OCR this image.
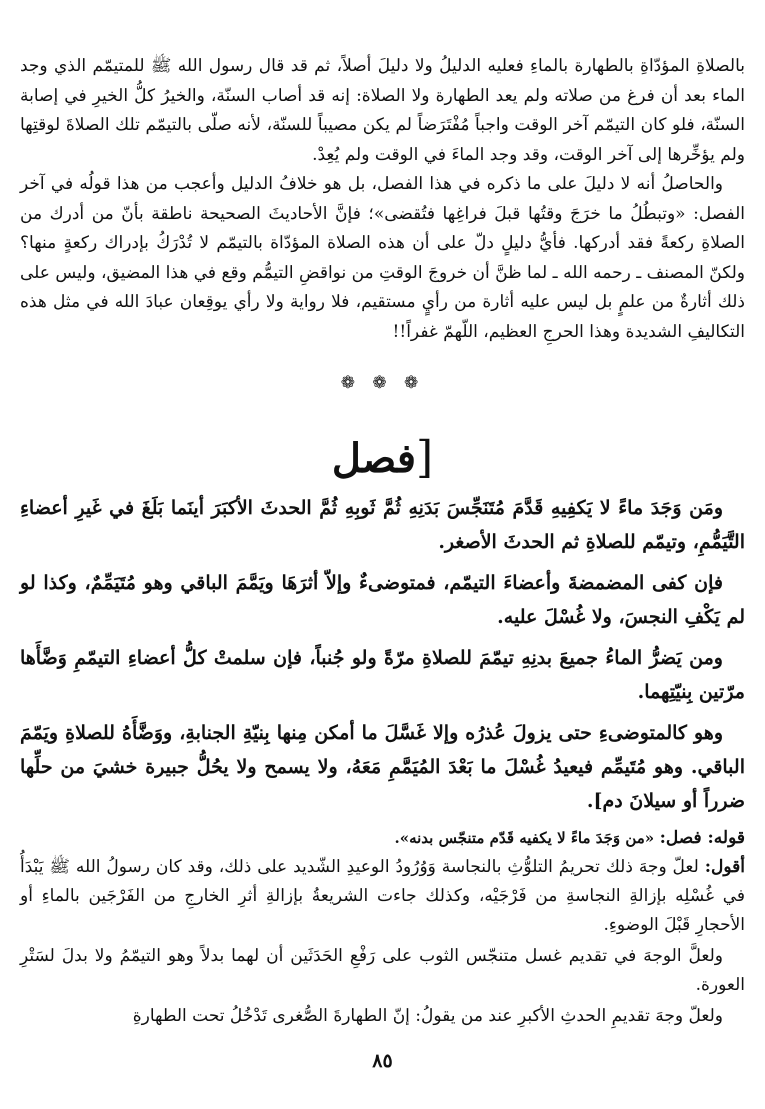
بالصلاةِ المؤدّاةِ بالطهارة بالماءِ فعليه الدليلُ ولا دليلَ أصلاً، ثم قد قال رسول الله ﷺ للمتيمّم الذي وجد الماء بعد أن فرغ من صلاته ولم يعد الطهارة ولا الصلاة: إنه قد أصاب السنّة، والخيرُ كلُّ الخيرِ في إصابة السنّة، فلو كان التيمّم آخر الوقت واجباً مُفْتَرَضاً لم يكن مصيباً للسنّة، لأنه صلّى بالتيمّم تلك الصلاةَ لوقتِها ولم يؤخِّرها إلى آخر الوقت، وقد وجد الماءَ في الوقت ولم يُعِدْ.

والحاصلُ أنه لا دليلَ على ما ذكره في هذا الفصل، بل هو خلافُ الدليل وأعجب من هذا قولُه في آخر الفصل: «وتبطُلُ ما خرَجَ وقتُها قبلَ فراغِها فتُقضى»؛ فإنَّ الأحاديثَ الصحيحة ناطقة بأنّ من أدرك من الصلاةِ ركعةً فقد أدركها. فأيُّ دليلٍ دلّ على أن هذه الصلاة المؤدّاة بالتيمّم لا تُدْرَكُ بإدراك ركعةٍ منها؟ ولكنّ المصنف ـ رحمه الله ـ لما ظنَّ أن خروجَ الوقتِ من نواقضِ التيمُّم وقع في هذا المضيق، وليس على ذلك أثارةٌ من علمٍ بل ليس عليه أثارة من رأيٍ مستقيم، فلا رواية ولا رأي يوقِعان عبادَ الله في مثل هذه التكاليفِ الشديدة وهذا الحرجِ العظيم، اللّهمّ غفراً!!

❁ ❁ ❁
[فصل

ومَن وَجَدَ ماءً لا يَكفِيهِ قَدَّمَ مُتَنَجِّسَ بَدَنِهِ ثُمَّ ثَوبِهِ ثُمَّ الحدثَ الأكبَرَ أينَما بَلَغَ في غَيرِ أعضاءِ التَّيَمُّمِ، وتيمّم للصلاةِ ثم الحدثَ الأصغر.

فإن كفى المضمضةَ وأعضاءَ التيمّم، فمتوضىءٌ وإلاّ أثرَهَا ويَمَّمَ الباقي وهو مُتَيَمِّمٌ، وكذا لو لم يَكْفِ النجسَ، ولا غُسْلَ عليه.

ومن يَضرُّ الماءُ جميعَ بدنِهِ تيمّمَ للصلاةِ مرّةً ولو جُنباً، فإن سلمتْ كلُّ أعضاءِ التيمّمِ وَضَّأَها مرّتين بِنيّتِهما.

وهو كالمتوضىءِ حتى يزولَ عُذرُه وإلا غَسَّلَ ما أمكن مِنها بِنيّةِ الجنابةِ، ووَضَّأَهُ للصلاةِ ويَمّمَ الباقي. وهو مُتَيمِّم فيعيدُ غُسْلَ ما بَعْدَ المُيَمَّمِ مَعَهُ، ولا يسمح ولا يحُلُّ جبيرة خشيَ من حلِّها ضرراً أو سيلانَ دم].

قوله: فصل: «من وَجَدَ ماءً لا يكفيه قَدّم متنجّس بدنه».

أقول: لعلّ وجهَ ذلك تحريمُ التلوُّثِ بالنجاسة وَوُرُودُ الوعيدِ الشّديد على ذلك، وقد كان رسولُ الله ﷺ يَبْدَأُ في غُسْلِه بإزالةِ النجاسةِ من فَرْجَيْه، وكذلك جاءت الشريعةُ بإزالةِ أثرِ الخارجِ من الفَرْجَين بالماءِ أو الأحجارِ قَبْلَ الوضوءِ.

ولعلَّ الوجهَ في تقديم غسل متنجّس الثوب على رَفْعِ الحَدَثَين أن لهما بدلاً وهو التيمّمُ ولا بدلَ لسَتْرِ العورة.

ولعلّ وجهَ تقديمِ الحدثِ الأكبرِ عند من يقولُ: إنّ الطهارةَ الصُّغرى تَدْخُلُ تحت الطهارةِ

٨٥
